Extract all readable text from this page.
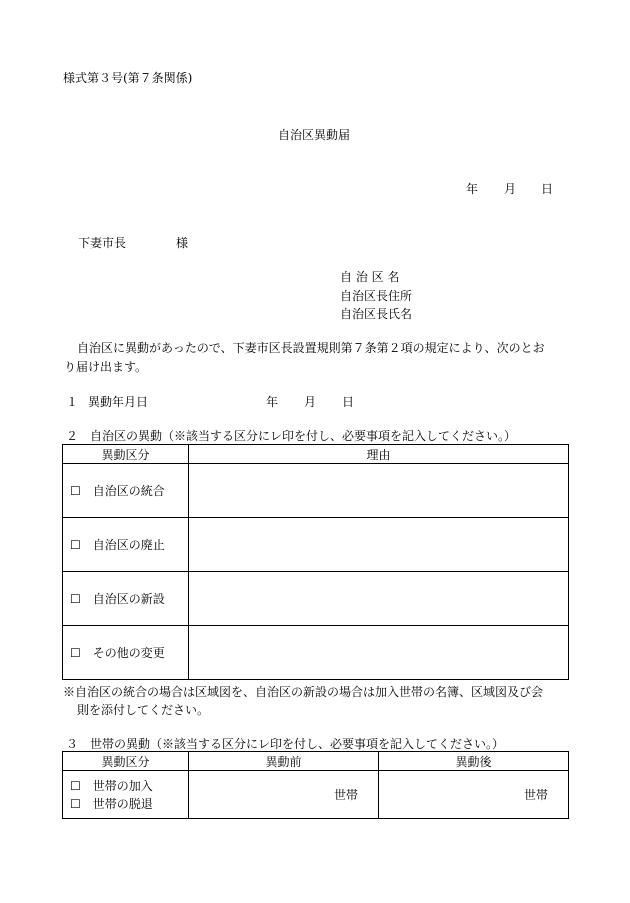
様式第３号(第７条関係)
自治区異動届
年 月 日
下妻市長	様
自 治 区 名
自治区長住所
自治区長氏名
自治区に異動があったので、下妻市区長設置規則第７条第２項の規定により、次のとお
り届け出ます。
１ 異動年月日	年 月 日
２　自治区の異動（※該当する区分にレ印を付し、必要事項を記入してください。）
異動区分	理由
☐ 自治区の統合	
☐ 自治区の廃止	
☐ 自治区の新設	
☐ その他の変更	
※自治区の統合の場合は区域図を、自治区の新設の場合は加入世帯の名簿、区域図及び会
則を添付してください。
３　世帯の異動（※該当する区分にレ印を付し、必要事項を記入してください。）
異動区分	異動前	異動後

☐ 世帯の加入
☐ 世帯の脱退	世帯	世帯
